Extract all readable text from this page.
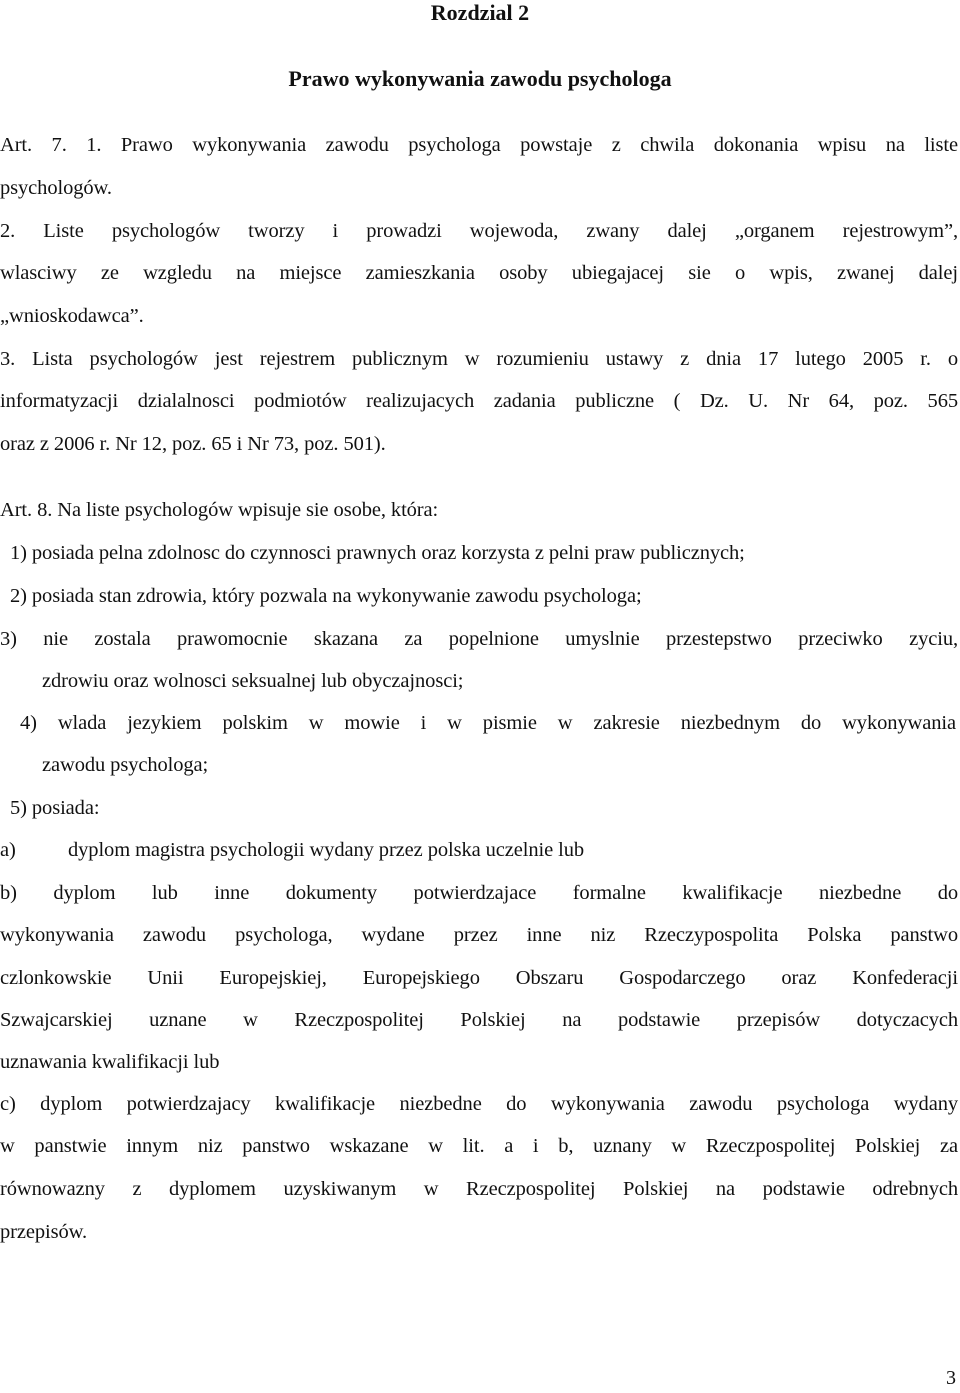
Rozdzial 2
Prawo wykonywania zawodu psychologa
Art. 7. 1. Prawo wykonywania zawodu psychologa powstaje z chwila dokonania wpisu na liste
psychologów.
2. Liste psychologów tworzy i prowadzi wojewoda, zwany dalej „organem rejestrowym”,
wlasciwy ze wzgledu na miejsce zamieszkania osoby ubiegajacej sie o wpis, zwanej dalej
„wnioskodawca”.
3. Lista psychologów jest rejestrem publicznym w rozumieniu ustawy z dnia 17 lutego 2005 r. o
informatyzacji dzialalnosci podmiotów realizujacych zadania publiczne ( Dz. U. Nr 64, poz. 565
oraz z 2006 r. Nr 12, poz. 65 i Nr 73, poz. 501).
Art. 8. Na liste psychologów wpisuje sie osobe, która:
1) posiada pelna zdolnosc do czynnosci prawnych oraz korzysta z pelni praw publicznych;
2) posiada stan zdrowia, który pozwala na wykonywanie zawodu psychologa;
3) nie zostala prawomocnie skazana za popelnione umyslnie przestepstwo przeciwko zyciu,
zdrowiu oraz wolnosci seksualnej lub obyczajnosci;
4) wlada jezykiem polskim w mowie i w pismie w zakresie niezbednym do wykonywania
zawodu psychologa;
5) posiada:
a)	dyplom magistra psychologii wydany przez polska uczelnie lub
b) dyplom lub inne dokumenty potwierdzajace formalne kwalifikacje niezbedne do
wykonywania zawodu psychologa, wydane przez inne niz Rzeczypospolita Polska panstwo
czlonkowskie Unii Europejskiej, Europejskiego Obszaru Gospodarczego oraz Konfederacji
Szwajcarskiej uznane w Rzeczpospolitej Polskiej na podstawie przepisów dotyczacych
uznawania kwalifikacji lub
c) dyplom potwierdzajacy kwalifikacje niezbedne do wykonywania zawodu psychologa wydany
w panstwie innym niz panstwo wskazane w lit. a i b, uznany w Rzeczpospolitej Polskiej za
równowazny z dyplomem uzyskiwanym w Rzeczpospolitej Polskiej na podstawie odrebnych
przepisów.
3
